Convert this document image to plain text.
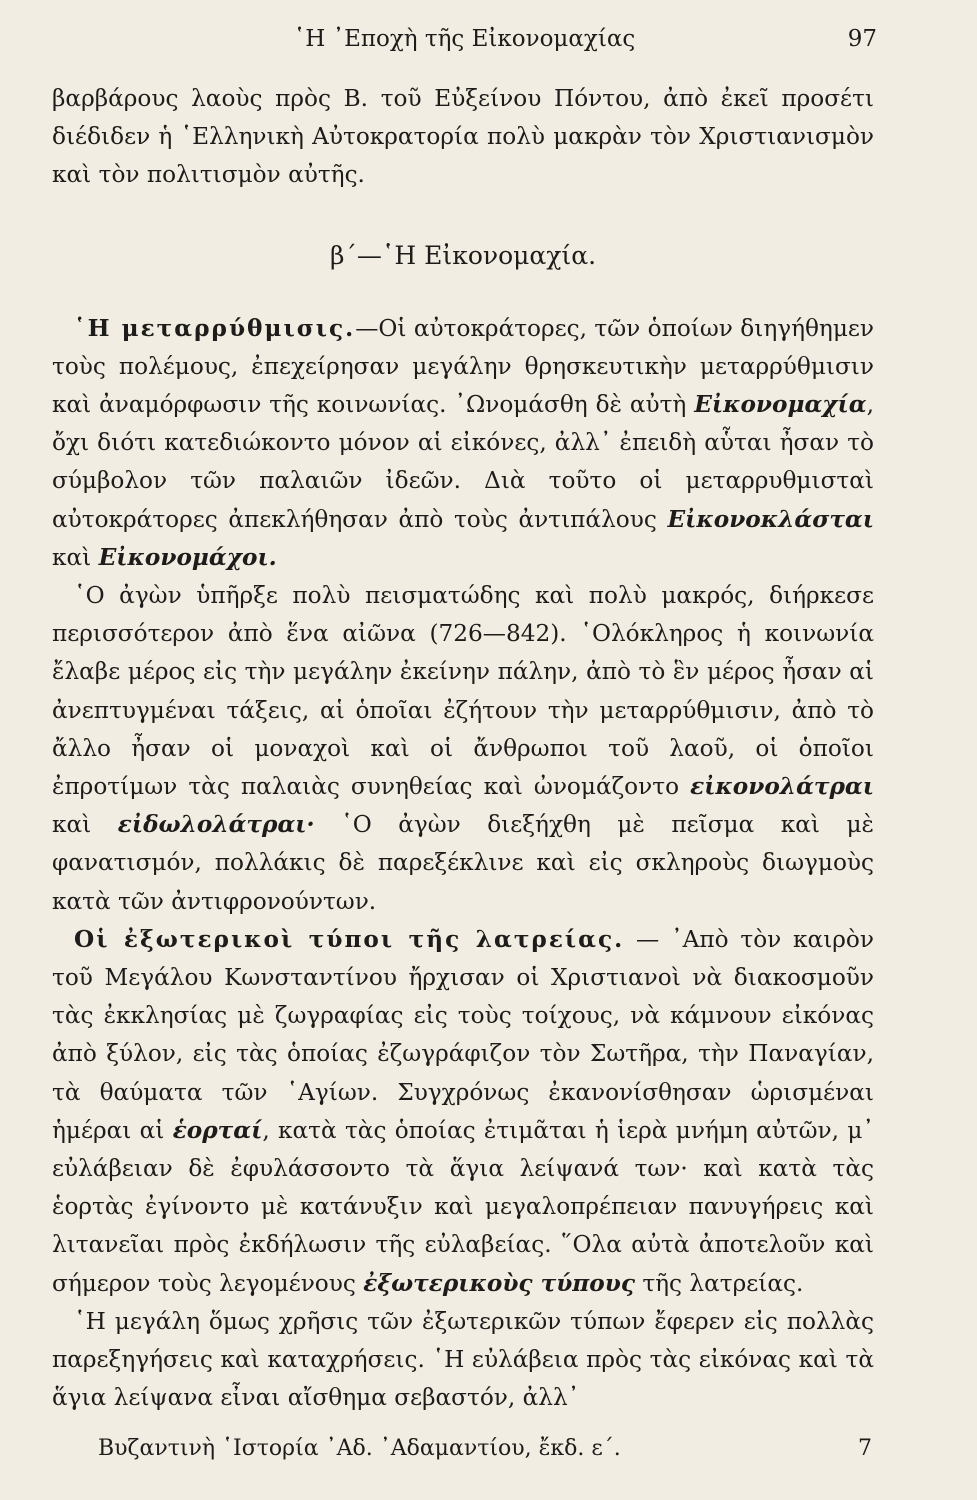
῾Η ᾿Εποχὴ τῆς Εἰκονομαχίας	97

βαρβάρους λαοὺς πρὸς Β. τοῦ Εὐξείνου Πόντου, ἀπὸ ἐκεῖ προσέτι διέδιδεν ἡ ῾Ελληνικὴ Αὐτοκρατορία πολὺ μακρὰν τὸν Χριστιανισμὸν καὶ τὸν πολιτισμὸν αὐτῆς.

β΄—῾Η Εἰκονομαχία.

῾Η μεταρρύθμισις.—Οἱ αὐτοκράτορες, τῶν ὁποίων διηγήθημεν τοὺς πολέμους, ἐπεχείρησαν μεγάλην θρησκευτικὴν μεταρρύθμισιν καὶ ἀναμόρφωσιν τῆς κοινωνίας. ᾿Ωνομάσθη δὲ αὐτὴ Εἰκονομαχία, ὄχι διότι κατεδιώκοντο μόνον αἱ εἰκόνες, ἀλλ᾿ ἐπειδὴ αὗται ἦσαν τὸ σύμβολον τῶν παλαιῶν ἰδεῶν. Διὰ τοῦτο οἱ μεταρρυθμισταὶ αὐτοκράτορες ἀπεκλήθησαν ἀπὸ τοὺς ἀντιπάλους Εἰκονοκλάσται καὶ Εἰκονομάχοι.

῾Ο ἀγὼν ὑπῆρξε πολὺ πεισματώδης καὶ πολὺ μακρός, διήρκεσε περισσότερον ἀπὸ ἕνα αἰῶνα (726—842). ῾Ολόκληρος ἡ κοινωνία ἔλαβε μέρος εἰς τὴν μεγάλην ἐκείνην πάλην, ἀπὸ τὸ ἓν μέρος ἦσαν αἱ ἀνεπτυγμέναι τάξεις, αἱ ὁποῖαι ἐζήτουν τὴν μεταρρύθμισιν, ἀπὸ τὸ ἄλλο ἦσαν οἱ μοναχοὶ καὶ οἱ ἄνθρωποι τοῦ λαοῦ, οἱ ὁποῖοι ἐπροτίμων τὰς παλαιὰς συνηθείας καὶ ὠνομάζοντο εἰκονολάτραι καὶ εἰδωλολάτραι· ῾Ο ἀγὼν διεξήχθη μὲ πεῖσμα καὶ μὲ φανατισμόν, πολλάκις δὲ παρεξέκλινε καὶ εἰς σκληροὺς διωγμοὺς κατὰ τῶν ἀντιφρονούντων.

Οἱ ἐξωτερικοὶ τύποι τῆς λατρείας. — ᾿Απὸ τὸν καιρὸν τοῦ Μεγάλου Κωνσταντίνου ἤρχισαν οἱ Χριστιανοὶ νὰ διακοσμοῦν τὰς ἐκκλησίας μὲ ζωγραφίας εἰς τοὺς τοίχους, νὰ κάμνουν εἰκόνας ἀπὸ ξύλον, εἰς τὰς ὁποίας ἐζωγράφιζον τὸν Σωτῆρα, τὴν Παναγίαν, τὰ θαύματα τῶν ῾Αγίων. Συγχρόνως ἐκανονίσθησαν ὡρισμέναι ἡμέραι αἱ ἑορταί, κατὰ τὰς ὁποίας ἐτιμᾶται ἡ ἱερὰ μνήμη αὐτῶν, μ᾿ εὐλάβειαν δὲ ἐφυλάσσοντο τὰ ἅγια λείψανά των· καὶ κατὰ τὰς ἑορτὰς ἐγίνοντο μὲ κατάνυξιν καὶ μεγαλοπρέπειαν πανυγήρεις καὶ λιτανεῖαι πρὸς ἐκδήλωσιν τῆς εὐλαβείας. ῞Ολα αὐτὰ ἀποτελοῦν καὶ σήμερον τοὺς λεγομένους ἐξωτερικοὺς τύπους τῆς λατρείας.

῾Η μεγάλη ὅμως χρῆσις τῶν ἐξωτερικῶν τύπων ἔφερεν εἰς πολλὰς παρεξηγήσεις καὶ καταχρήσεις. ῾Η εὐλάβεια πρὸς τὰς εἰκόνας καὶ τὰ ἅγια λείψανα εἶναι αἴσθημα σεβαστόν, ἀλλ᾿

Βυζαντινὴ ῾Ιστορία ᾿Αδ. ᾿Αδαμαντίου, ἔκδ. ε΄.	7
